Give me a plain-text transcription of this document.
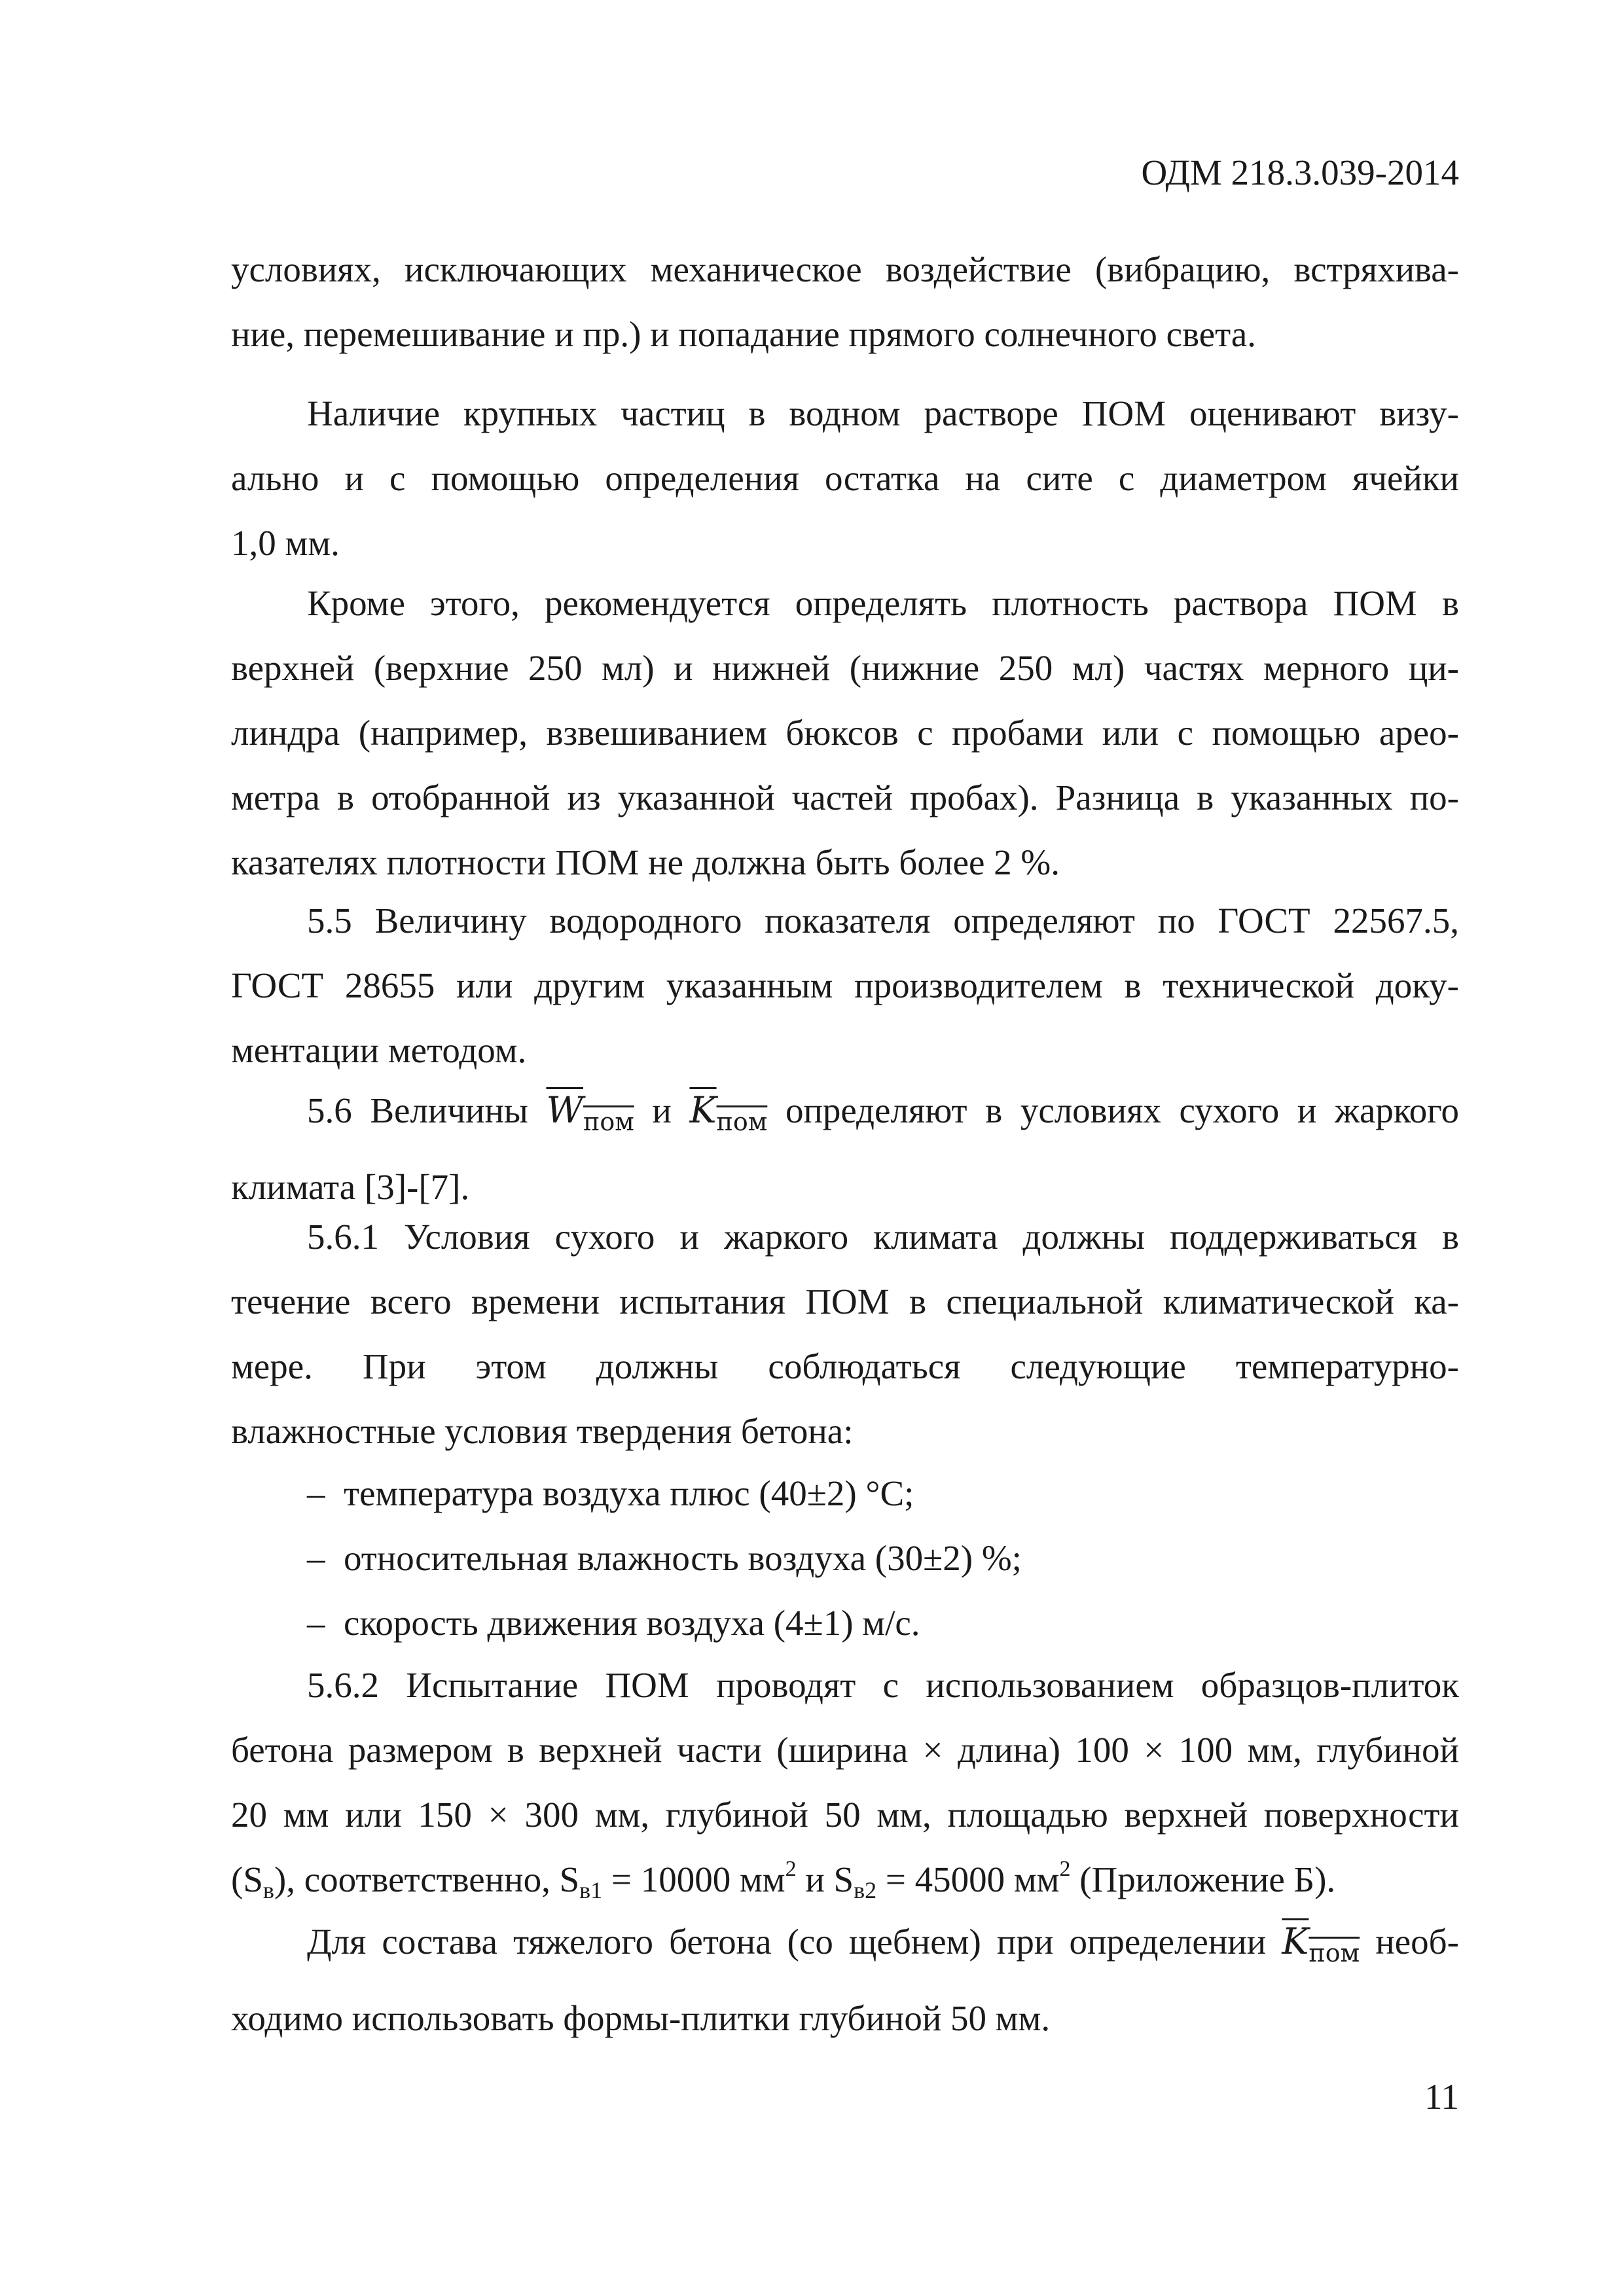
ОДМ 218.3.039-2014

условиях, исключающих механическое воздействие (вибрацию, встряхива-
ние, перемешивание и пр.) и попадание прямого солнечного света.

Наличие крупных частиц в водном растворе ПОМ оценивают визу-
ально и с помощью определения остатка на сите с диаметром ячейки
1,0 мм.

Кроме этого, рекомендуется определять плотность раствора ПОМ в
верхней (верхние 250 мл) и нижней (нижние 250 мл) частях мерного ци-
линдра (например, взвешиванием бюксов с пробами или с помощью арео-
метра в отобранной из указанной частей пробах). Разница в указанных по-
казателях плотности ПОМ не должна быть более 2 %.

5.5 Величину водородного показателя определяют по ГОСТ 22567.5,
ГОСТ 28655 или другим указанным производителем в технической доку-
ментации методом.

5.6 Величины $W_{пом}$ и $K_{пом}$ определяют в условиях сухого и жаркого
климата [3]-[7].

5.6.1 Условия сухого и жаркого климата должны поддерживаться в
течение всего времени испытания ПОМ в специальной климатической ка-
мере.  При  этом  должны  соблюдаться  следующие  температурно-
влажностные условия твердения бетона:

– температура воздуха плюс (40±2) °С;
– относительная влажность воздуха (30±2) %;
– скорость движения воздуха (4±1) м/с.

5.6.2 Испытание ПОМ проводят с использованием образцов-плиток
бетона размером в верхней части (ширина × длина) 100 × 100 мм, глубиной
20 мм или 150 × 300 мм, глубиной 50 мм, площадью верхней поверхности
$(S_в)$, соответственно, $S_{в1} = 10000$ $мм^2$ и $S_{в2} = 45000$ $мм^2$ (Приложение Б).

Для состава тяжелого бетона (со щебнем) при определении $K_{пом}$ необ-
ходимо использовать формы-плитки глубиной 50 мм.

11
